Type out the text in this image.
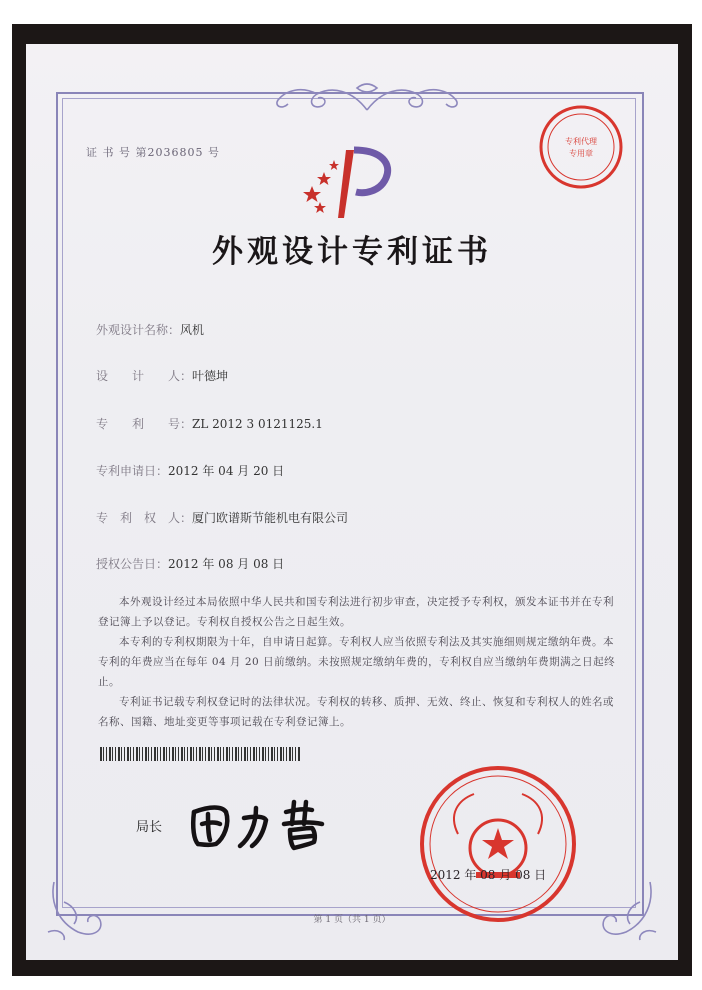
证 书 号 第2036805 号
专利代理
专用章
外观设计专利证书
外观设计名称：风机
设　　计　　人：叶德坤
专　　利　　号：ZL 2012 3 0121125.1
专利申请日：2012 年 04 月 20 日
专　利　权　人：厦门欧谱斯节能机电有限公司
授权公告日：2012 年 08 月 08 日

本外观设计经过本局依照中华人民共和国专利法进行初步审查，决定授予专利权，颁发本证书并在专利登记簿上予以登记。专利权自授权公告之日起生效。

本专利的专利权期限为十年，自申请日起算。专利权人应当依照专利法及其实施细则规定缴纳年费。本专利的年费应当在每年 04 月 20 日前缴纳。未按照规定缴纳年费的，专利权自应当缴纳年费期满之日起终止。

专利证书记载专利权登记时的法律状况。专利权的转移、质押、无效、终止、恢复和专利权人的姓名或名称、国籍、地址变更等事项记载在专利登记簿上。

局长
2012 年 08 月 08 日
第 1 页（共 1 页）
